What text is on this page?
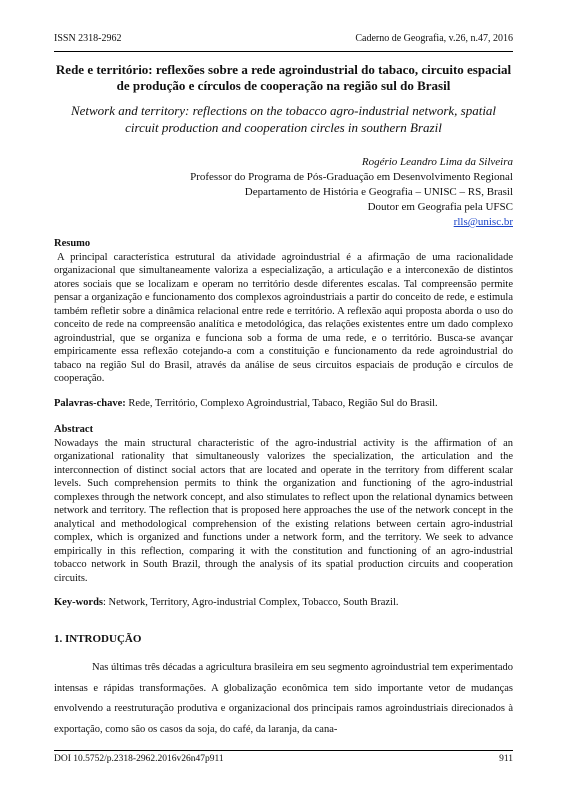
ISSN 2318-2962	Caderno de Geografia, v.26, n.47, 2016
Rede e território: reflexões sobre a rede agroindustrial do tabaco, circuito espacial de produção e círculos de cooperação na região sul do Brasil
Network and territory: reflections on the tobacco agro-industrial network, spatial circuit production and cooperation circles in southern Brazil
Rogério Leandro Lima da Silveira
Professor do Programa de Pós-Graduação em Desenvolvimento Regional
Departamento de História e Geografia – UNISC – RS, Brasil
Doutor em Geografia pela UFSC
rlls@unisc.br
Resumo
A principal característica estrutural da atividade agroindustrial é a afirmação de uma racionalidade organizacional que simultaneamente valoriza a especialização, a articulação e a interconexão de distintos atores sociais que se localizam e operam no território desde diferentes escalas. Tal compreensão permite pensar a organização e funcionamento dos complexos agroindustriais a partir do conceito de rede, e estimula também refletir sobre a dinâmica relacional entre rede e território. A reflexão aqui proposta aborda o uso do conceito de rede na compreensão analítica e metodológica, das relações existentes entre um dado complexo agroindustrial, que se organiza e funciona sob a forma de uma rede, e o território. Busca-se avançar empiricamente essa reflexão cotejando-a com a constituição e funcionamento da rede agroindustrial do tabaco na região Sul do Brasil, através da análise de seus circuitos espaciais de produção e círculos de cooperação.
Palavras-chave: Rede, Território, Complexo Agroindustrial, Tabaco, Região Sul do Brasil.
Abstract
Nowadays the main structural characteristic of the agro-industrial activity is the affirmation of an organizational rationality that simultaneously valorizes the specialization, the articulation and the interconnection of distinct social actors that are located and operate in the territory from different scalar levels. Such comprehension permits to think the organization and functioning of the agro-industrial complexes through the network concept, and also stimulates to reflect upon the relational dynamics between network and territory. The reflection that is proposed here approaches the use of the network concept in the analytical and methodological comprehension of the existing relations between certain agro-industrial complex, which is organized and functions under a network form, and the territory. We seek to advance empirically in this reflection, comparing it with the constitution and functioning of an agro-industrial tobacco network in South Brazil, through the analysis of its spatial production circuits and cooperation circuits.
Key-words: Network, Territory, Agro-industrial Complex, Tobacco, South Brazil.
1. INTRODUÇÃO
Nas últimas três décadas a agricultura brasileira em seu segmento agroindustrial tem experimentado intensas e rápidas transformações. A globalização econômica tem sido importante vetor de mudanças envolvendo a reestruturação produtiva e organizacional dos principais ramos agroindustriais direcionados à exportação, como são os casos da soja, do café, da laranja, da cana-
DOI 10.5752/p.2318-2962.2016v26n47p911	911
